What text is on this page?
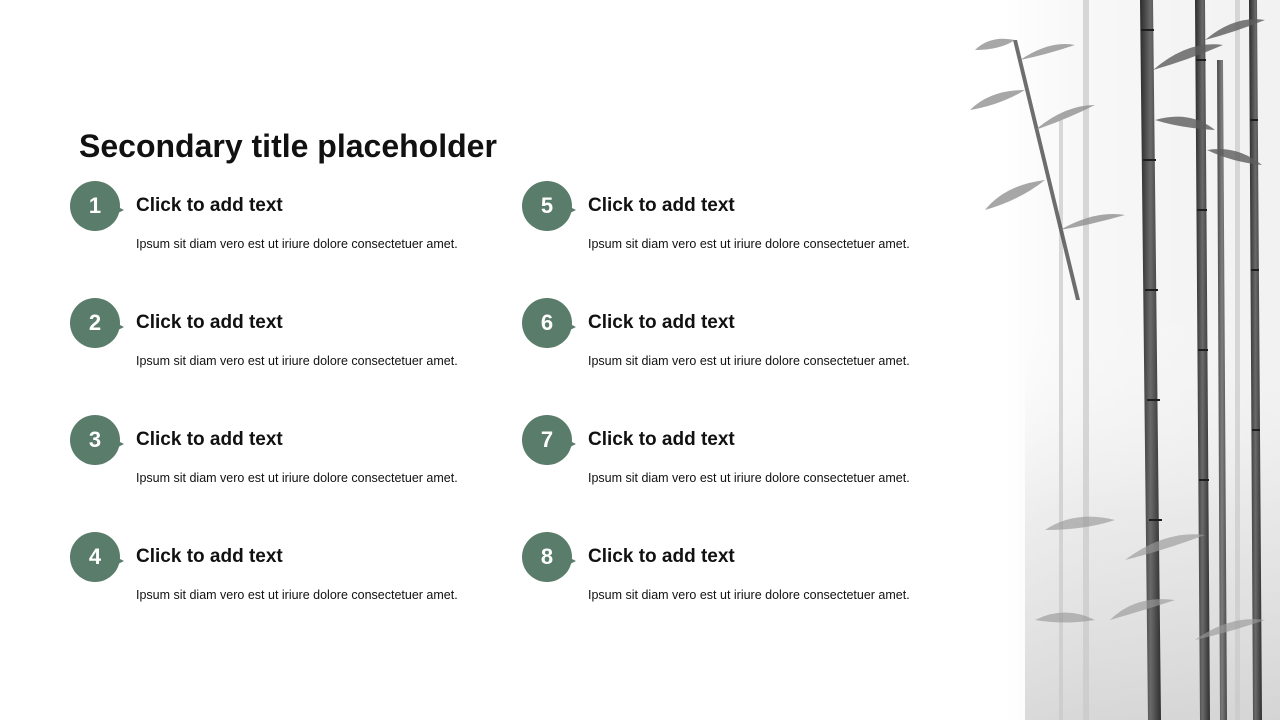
Secondary title placeholder
1	Click to add text
Ipsum sit diam vero est ut iriure dolore consectetuer amet.
2	Click to add text
Ipsum sit diam vero est ut iriure dolore consectetuer amet.
3	Click to add text
Ipsum sit diam vero est ut iriure dolore consectetuer amet.
4	Click to add text
Ipsum sit diam vero est ut iriure dolore consectetuer amet.
5	Click to add text
Ipsum sit diam vero est ut iriure dolore consectetuer amet.
6	Click to add text
Ipsum sit diam vero est ut iriure dolore consectetuer amet.
7	Click to add text
Ipsum sit diam vero est ut iriure dolore consectetuer amet.
8	Click to add text
Ipsum sit diam vero est ut iriure dolore consectetuer amet.
